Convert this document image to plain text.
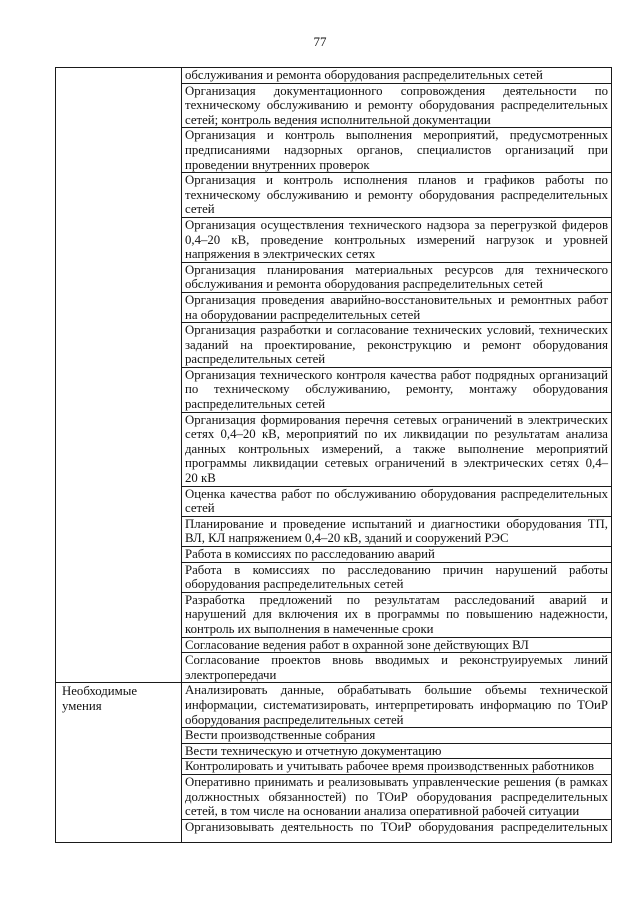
77
обслуживания и ремонта оборудования распределительных сетей
Организация документационного сопровождения деятельности по
техническому обслуживанию и ремонту оборудования распределительных
сетей; контроль ведения исполнительной документации
Организация и контроль выполнения мероприятий, предусмотренных
предписаниями надзорных органов, специалистов организаций при
проведении внутренних проверок
Организация и контроль исполнения планов и графиков работы по
техническому обслуживанию и ремонту оборудования распределительных
сетей
Организация осуществления технического надзора за перегрузкой фидеров
0,4–20 кВ, проведение контрольных измерений нагрузок и уровней
напряжения в электрических сетях
Организация планирования материальных ресурсов для технического
обслуживания и ремонта оборудования распределительных сетей
Организация проведения аварийно-восстановительных и ремонтных работ
на оборудовании распределительных сетей
Организация разработки и согласование технических условий, технических
заданий на проектирование, реконструкцию и ремонт оборудования
распределительных сетей
Организация технического контроля качества работ подрядных организаций
по техническому обслуживанию, ремонту, монтажу оборудования
распределительных сетей
Организация формирования перечня сетевых ограничений в электрических
сетях 0,4–20 кВ, мероприятий по их ликвидации по результатам анализа
данных контрольных измерений, а также выполнение мероприятий
программы ликвидации сетевых ограничений в электрических сетях 0,4–
20 кВ
Оценка качества работ по обслуживанию оборудования распределительных
сетей
Планирование и проведение испытаний и диагностики оборудования ТП,
ВЛ, КЛ напряжением 0,4–20 кВ, зданий и сооружений РЭС
Работа в комиссиях по расследованию аварий
Работа в комиссиях по расследованию причин нарушений работы
оборудования распределительных сетей
Разработка предложений по результатам расследований аварий и
нарушений для включения их в программы по повышению надежности,
контроль их выполнения в намеченные сроки
Согласование ведения работ в охранной зоне действующих ВЛ
Согласование проектов вновь вводимых и реконструируемых линий
электропередачи
Необходимые умения
Анализировать данные, обрабатывать большие объемы технической
информации, систематизировать, интерпретировать информацию по ТОиР
оборудования распределительных сетей
Вести производственные собрания
Вести техническую и отчетную документацию
Контролировать и учитывать рабочее время производственных работников
Оперативно принимать и реализовывать управленческие решения (в рамках
должностных обязанностей) по ТОиР оборудования распределительных
сетей, в том числе на основании анализа оперативной рабочей ситуации
Организовывать деятельность по ТОиР оборудования распределительных
